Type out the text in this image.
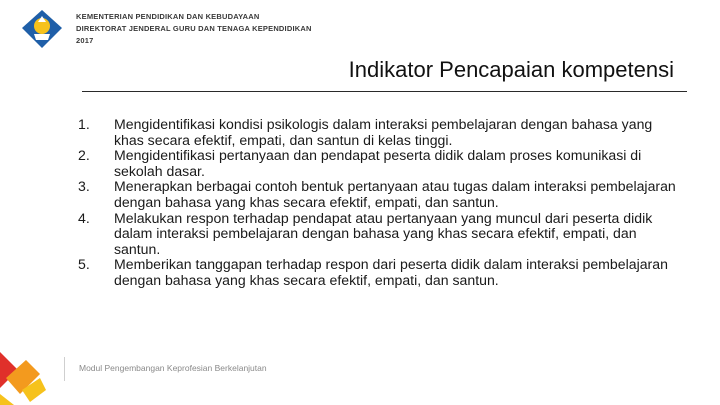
KEMENTERIAN PENDIDIKAN DAN KEBUDAYAAN
DIREKTORAT JENDERAL GURU DAN TENAGA KEPENDIDIKAN
2017
Indikator Pencapaian kompetensi
1.	Mengidentifikasi kondisi psikologis dalam interaksi pembelajaran dengan bahasa yang khas secara efektif, empati, dan santun di kelas tinggi.
2.	Mengidentifikasi pertanyaan dan pendapat peserta didik dalam proses komunikasi di sekolah dasar.
3.	Menerapkan berbagai contoh bentuk pertanyaan atau tugas dalam interaksi pembelajaran dengan bahasa yang khas secara efektif, empati, dan santun.
4.	Melakukan respon terhadap pendapat atau pertanyaan yang muncul dari peserta didik dalam interaksi pembelajaran dengan bahasa yang khas secara efektif, empati, dan santun.
5.	Memberikan tanggapan terhadap respon dari peserta didik dalam interaksi pembelajaran dengan bahasa yang khas secara efektif, empati, dan santun.
Modul Pengembangan Keprofesian Berkelanjutan
